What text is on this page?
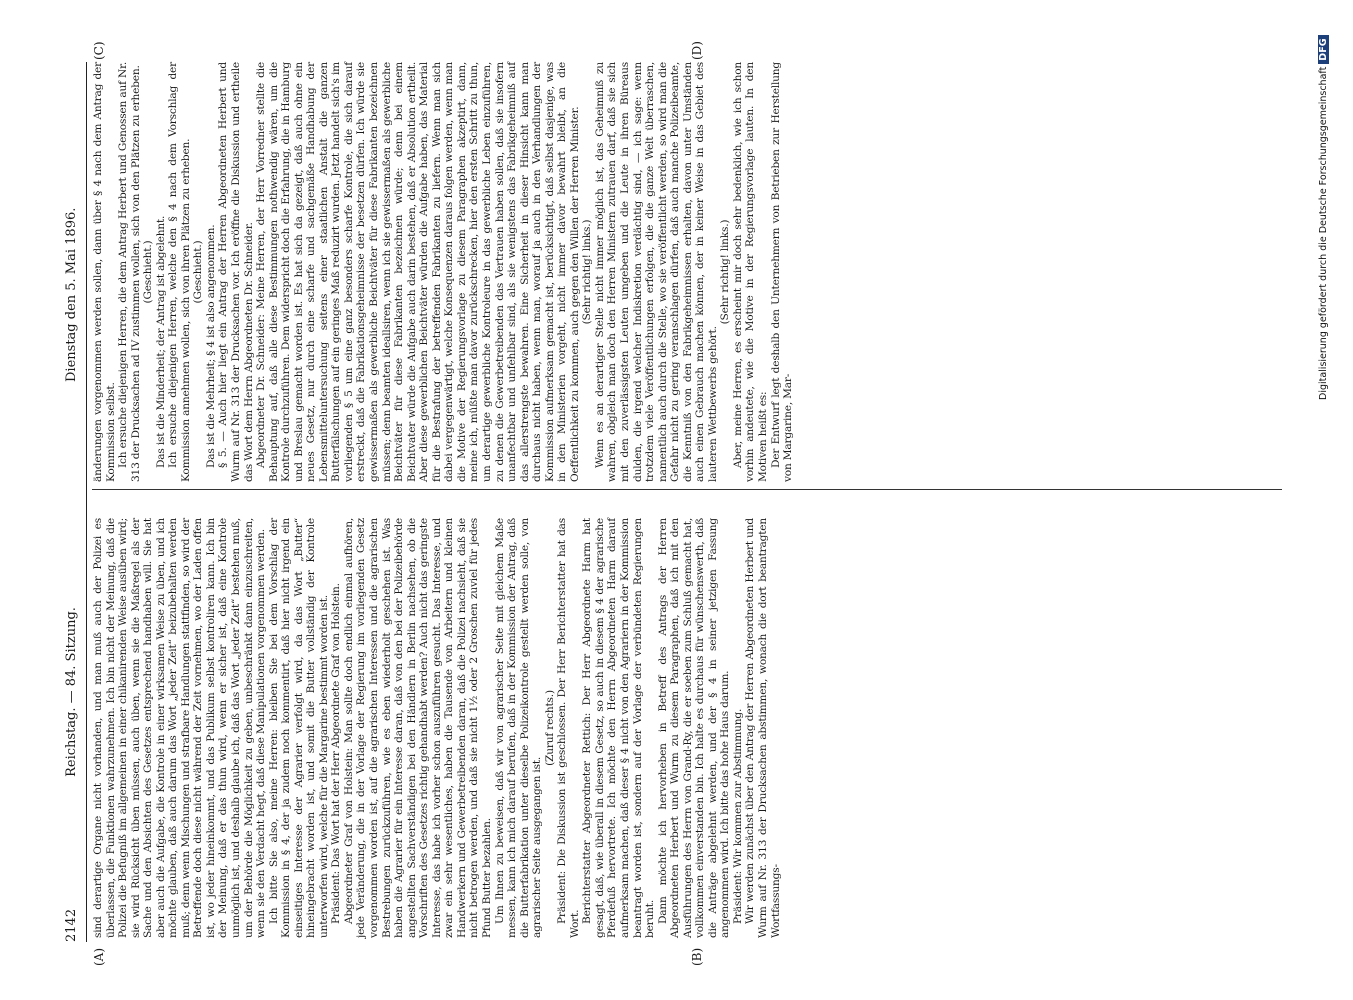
2142
Reichstag. — 84. Sitzung.
Dienstag den 5. Mai 1896.

sind derartige Organe nicht vorhanden, und man muß auch der Polizei es überlassen, die Funktionen wahrzunehmen. Ich bin nicht der Meinung, daß die Polizei die Befugniß im allgemeinen in einer chikanirenden Weise ausüben wird; sie wird Rücksicht üben müssen, auch üben, wenn sie die Maßregel als der Sache und den Absichten des Gesetzes entsprechend handhaben will. Sie hat aber auch die Aufgabe, die Kontrole in einer wirksamen Weise zu üben, und ich möchte glauben, daß auch darum das Wort „jeder Zeit“ beizubehalten werden muß; denn wenn Mischungen und strafbare Handlungen stattfinden, so wird der Betreffende doch diese nicht während der Zeit vornehmen, wo der Laden offen ist, wo jeder hineinkommt, und das Publikum selbst kontroliren kann. Ich bin der Meinung, daß er das thun wird, wenn er sicher ist, daß eine Kontrole unmöglich ist, und deshalb glaube ich, daß das Wort „jeder Zeit“ bestehen muß, um der Behörde die Möglichkeit zu geben, unbeschränkt dann einzuschreiten, wenn sie den Verdacht hegt, daß diese Manipulationen vorgenommen werden. Ich bitte Sie also, meine Herren: bleiben Sie bei dem Vorschlag der Kommission in § 4, der ja zudem noch kommentirt, daß hier nicht irgend ein einseitiges Interesse der Agrarier verfolgt wird, da das Wort „Butter“ hineingebracht worden ist, und somit die Butter vollständig der Kontrole unterworfen wird, welche für die Margarine bestimmt worden ist. Präsident: Das Wort hat der Herr Abgeordnete Graf von Holstein. Abgeordneter Graf von Holstein: Man sollte doch endlich einmal aufhören, jede Veränderung, die in der Vorlage der Regierung im vorliegenden Gesetz vorgenommen worden ist, auf die agrarischen Interessen und die agrarischen Bestrebungen zurückzuführen, wie es eben wiederholt geschehen ist. Was haben die Agrarier für ein Interesse daran, daß von den bei der Polizeibehörde angestellten Sachverständigen bei den Händlern in Berlin nachsehen, ob die Vorschriften des Gesetzes richtig gehandhabt werden? Auch nicht das geringste Interesse, das habe ich vorher schon auszuführen gesucht. Das Interesse, und zwar ein sehr wesentliches, haben die Tausende von Arbeitern und kleinen Handwerkern und Gewerbetreibenden daran, daß die Polizei nachsieht, daß sie nicht betrogen werden, und daß sie nicht 1½ oder 2 Groschen zuviel für jedes Pfund Butter bezahlen. Um Ihnen zu beweisen, daß wir von agrarischer Seite mit gleichem Maße messen, kann ich mich darauf berufen, daß in der Kommission der Antrag, daß die Butterfabrikation unter dieselbe Polizeikontrole gestellt werden solle, von agrarischer Seite ausgegangen ist.

(Zuruf rechts.) Präsident: Die Diskussion ist geschlossen. Der Herr Berichterstatter hat das Wort. Berichterstatter Abgeordneter Rettich: Der Herr Abgeordnete Harm hat gesagt, daß, wie überall in diesem Gesetz, so auch in diesem § 4 der agrarische Pferdefuß hervortrete. Ich möchte den Herrn Abgeordneten Harm darauf aufmerksam machen, daß dieser § 4 nicht von den Agrariern in der Kommission beantragt worden ist, sondern auf der Vorlage der verbündeten Regierungen beruht. Dann möchte ich hervorheben in Betreff des Antrags der Herren Abgeordneten Herbert und Wurm zu diesem Paragraphen, daß ich mit den Ausführungen des Herrn von Grand-Ry, die er soeben zum Schluß gemacht hat, vollkommen einverstanden bin. Ich halte es durchaus für wünschenswerth, daß die Anträge abgelehnt werden, und der § 4 in seiner jetzigen Fassung angenommen wird. Ich bitte das hohe Haus darum. Präsident: Wir kommen zur Abstimmung. Wir werden zunächst über den Antrag der Herren Abgeordneten Herbert und Wurm auf Nr. 313 der Drucksachen abstimmen, wonach die dort beantragten Wortfassungs-

änderungen vorgenommen werden sollen, dann über § 4 nach dem Antrag der Kommission selbst. Ich ersuche diejenigen Herren, die dem Antrag Herbert und Genossen auf Nr. 313 der Drucksachen ad IV zustimmen wollen, sich von den Plätzen zu erheben. (Geschieht.) Das ist die Minderheit; der Antrag ist abgelehnt. Ich ersuche diejenigen Herren, welche den § 4 nach dem Vorschlag der Kommission annehmen wollen, sich von ihren Plätzen zu erheben. (Geschieht.) Das ist die Mehrheit; § 4 ist also angenommen. § 5. — Auch hier liegt ein Antrag der Herren Abgeordneten Herbert und Wurm auf Nr. 313 der Drucksachen vor. Ich eröffne die Diskussion und ertheile das Wort dem Herrn Abgeordneten Dr. Schneider. Abgeordneter Dr. Schneider: Meine Herren, der Herr Vorredner stellte die Behauptung auf, daß alle diese Bestimmungen nothwendig wären, um die Kontrole durchzuführen. Dem widerspricht doch die Erfahrung, die in Hamburg und Breslau gemacht worden ist. Es hat sich da gezeigt, daß auch ohne ein neues Gesetz, nur durch eine scharfe und sachgemäße Handhabung der Lebensmitteluntersuchung seitens einer staatlichen Anstalt die ganzen Butterfälschungen auf ein geringes Maß reduzirt wurden. Jetzt handelt sich's im vorliegenden § 5 um eine ganz besonders scharfe Kontrole, die sich darauf erstreckt, daß die Fabrikationsgeheimnisse der besetzen dürfen. Ich würde sie gewissermaßen als gewerbliche Beichtväter für diese Fabrikanten bezeichnen müssen; denn beamten ideallsiren, wenn ich sie gewissermaßen als gewerbliche Beichtväter für diese Fabrikanten bezeichnen würde; denn bei einem Beichtvater würde die Aufgabe auch darin bestehen, daß er Absolution ertheilt. Aber diese gewerblichen Beichtväter würden die Aufgabe haben, das Material für die Bestrafung der betreffenden Fabrikanten zu liefern. Wenn man sich dabei vergegenwärtigt, welche Konsequenzen daraus folgen werden, wenn man die Motive der Regierungsvorlage zu diesem Paragraphen akzeptirt, dann, meine ich, müßte man davor zurückschrecken, hier den ersten Schritt zu thun, um derartige gewerbliche Kontroleure in das gewerbliche Leben einzuführen, zu denen die Gewerbetreibenden das Vertrauen haben sollen, daß sie insofern unanfechtbar und unfehlbar sind, als sie wenigstens das Fabrikgeheimniß auf das allerstrengste bewahren. Eine Sicherheit in dieser Hinsicht kann man durchaus nicht haben, wenn man, worauf ja auch in den Verhandlungen der Kommission aufmerksam gemacht ist, berücksichtigt, daß selbst dasjenige, was in den Ministerien vorgeht, nicht immer davor bewahrt bleibt, an die Oeffentlichkeit zu kommen, auch gegen den Willen der Herren Minister. (Sehr richtig! links.) Wenn es an derartiger Stelle nicht immer möglich ist, das Geheimniß zu wahren, obgleich man doch den Herren Ministern zutrauen darf, daß sie sich mit den zuverlässigsten Leuten umgeben und die Leute in ihren Büreaus dulden, die irgend welcher Indiskretion verdächtig sind, — ich sage: wenn trotzdem viele Veröffentlichungen erfolgen, die die ganze Welt überraschen, namentlich auch durch die Stelle, wo sie veröffentlicht werden, so wird man die Gefahr nicht zu gering veranschlagen dürfen, daß auch manche Polizeibeamte, die Kenntniß von den Fabrikgeheimnissen erhalten, davon unter Umständen auch einen Gebrauch machen können, der in keiner Weise in das Gebiet des lauteren Wettbewerbs gehört.

(Sehr richtig! links.) Aber, meine Herren, es erscheint mir doch sehr bedenklich, wie ich schon vorhin andeutete, wie die Motive in der Regierungsvorlage lauten. In den Motiven heißt es: Der Entwurf legt deshalb den Unternehmern von Betrieben zur Herstellung von Margarine, Mar-

(A)	(B)
(C)	(D)
Digitalisierung gefördert durch die Deutsche ForschungsgemeinschaftDFG
